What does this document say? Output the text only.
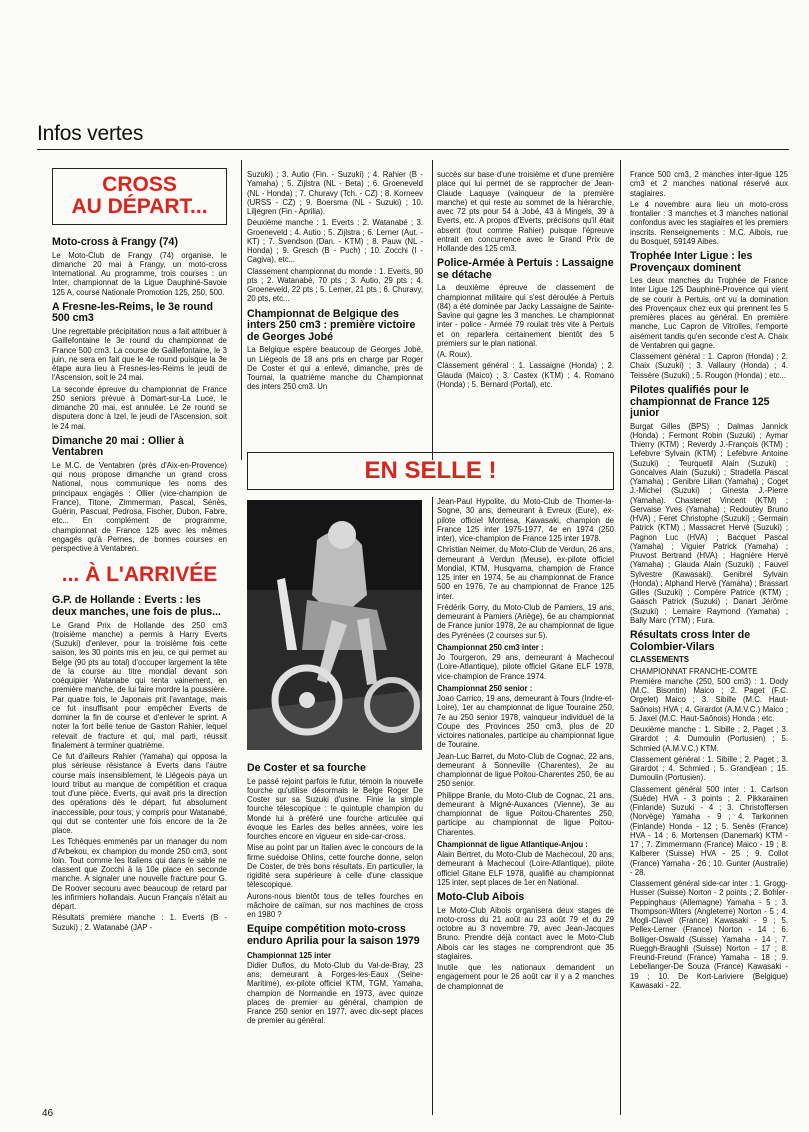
Infos vertes
CROSS
AU DÉPART...
Moto-cross à Frangy (74)

Le Moto-Club de Frangy (74) organise, le dimanche 20 mai à Frangy, un moto-cross International. Au programme, trois courses : un Inter, championnat de la Ligue Dauphiné-Savoie 125 A, course Nationale Promotion 125, 250, 500.

A Fresne-les-Reims, le 3e round 500 cm3

Une regrettable précipitation nous a fait attribuer à Gaillefontaine le 3e round du championnat de France 500 cm3. La course de Gaillefontaine, le 3 juin, ne sera en fait que le 4e round puisque la 3e étape aura lieu à Fresnes-les-Reims le jeudi de l'Ascension, soit le 24 mai.

La seconde épreuve du championnat de France 250 seniors prévue à Domart-sur-La Luce, le dimanche 20 mai, est annulée. Le 2e round se disputera donc à Izel, le jeudi de l'Ascension, soit le 24 mai.

Dimanche 20 mai : Ollier à Ventabren

Le M.C. de Ventabren (près d'Aix-en-Provence) qui nous propose dimanche un grand cross National, nous communique les noms des principaux engagés : Ollier (vice-champion de France), Titone, Zimmerman, Pascal, Sénès, Guérin, Pascual, Pedrosa, Fischer, Dubon, Fabre, etc... En complément de programme, championnat de France 125 avec les mêmes engagés qu'à Pernes, de bonnes courses en perspective à Ventabren.

... À L'ARRIVÉE
G.P. de Hollande : Everts : les deux manches, une fois de plus...

Le Grand Prix de Hollande des 250 cm3 (troisième manche) a permis à Harry Everts (Suzuki) d'enlever, pour la troisième fois cette saison, les 30 points mis en jeu, ce qui permet au Belge (90 pts au total) d'occuper largement la tête de la course au titre mondial devant son coéquipier Watanabe qui tenta vainement, en première manche, de lui faire mordre la poussière. Par quatre fois, le Japonais prit l'avantage, mais ce fut insuffisant pour empêcher Everts de dominer la fin de course et d'enlever le sprint. A noter la fort belle tenue de Gaston Rahier, lequel relevait de fracture et qui, mal parti, réussit finalement à terminer quatrième.

Ce fut d'ailleurs Rahier (Yamaha) qui opposa la plus sérieuse résistance à Everts dans l'autre course mais insensiblement, le Liégeois paya un lourd tribut au manque de compétition et craqua tout d'une pièce. Everts, qui avait pris la direction des opérations dès le départ, fut absolument inaccessible, pour tous, y compris pour Watanabé, qui dut se contenter une fois encore de la 2e place.

Les Tchèques emmenés par un manager du nom d'Arbekou, ex champion du monde 250 cm3, sont loin. Tout comme les Italiens qui dans le sable ne classent que Zocchi à la 10e place en seconde manche. A signaler une nouvelle fracture pour G. De Roover secouru avec beaucoup de retard par les infirmiers hollandais. Aucun Français n'était au départ.

Résultats première manche : 1. Everts (B - Suzuki) ; 2. Watanabé (JAP -

Suzuki) ; 3. Autio (Fin. - Suzuki) ; 4. Rahier (B - Yamaha) ; 5. Zijlstra (NL - Beta) ; 6. Groeneveld (NL - Honda) ; 7. Churavy (Tch. - CZ) ; 8. Korneev (URSS - CZ) ; 9. Boersma (NL - Suzuki) ; 10. Liljegren (Fin - Aprilia).

Deuxième manche : 1. Everts ; 2. Watanabé ; 3. Groeneveld ; 4. Autio ; 5. Zijlstra ; 6. Lerner (Aut. - KT) ; 7. Svendson (Dan. - KTM) ; 8. Pauw (NL - Honda) ; 9. Gresch (B - Puch) ; 10. Zocchi (I - Cagiva), etc...

Classement championnat du monde : 1. Everts, 90 pts ; 2. Watanabé, 70 pts ; 3. Autio, 29 pts ; 4. Groeneveld, 22 pts ; 5. Lerner, 21 pts ; 6. Churavy, 20 pts, etc...

Championnat de Belgique des inters 250 cm3 : première victoire de Georges Jobé

La Belgique espère beaucoup de Georges Jobé, un Liégeois de 18 ans pris en charge par Roger De Coster et qui a enlevé, dimanche, près de Tournai, la quatrième manche du Championnat des inters 250 cm3. Un

succès sur base d'une troisième et d'une première place qui lui permet de se rapprocher de Jean-Claude Laquaye (vainqueur de la première manche) et qui reste au sommet de la hiérarchie, avec 72 pts pour 54 à Jobé, 43 à Mingels, 39 à Everts, etc. A propos d'Everts, précisons qu'il était absent (tout comme Rahier) puisque l'épreuve entrait en concurrence avec le Grand Prix de Hollande des 125 cm3.

Police-Armée à Pertuis : Lassaigne se détache

La deuxième épreuve de classement de championnat militaire qui s'est déroulée à Pertuis (84) a été dominée par Jacky Lassaigne de Sainte-Savine qui gagne les 3 manches. Le championnat inter - police - Armée 79 roulait très vite à Pertuis et on reparlera certainement bientôt des 5 premiers sur le plan national.

(A. Roux).

Classement général : 1. Lassaigne (Honda) ; 2. Glauda (Maico) ; 3. Castex (KTM) ; 4. Romano (Honda) ; 5. Bernard (Portal), etc.

EN SELLE !
De Coster et sa fourche

Le passé rejoint parfois le futur, témoin la nouvelle fourche qu'utilise désormais le Belge Roger De Coster sur sa Suzuki d'usine. Finie la simple fourche télescopique : le quintuple champion du Monde lui à préféré une fourche articulée qui évoque les Earles des belles années, voire les fourches encore en vigueur en side-car-cross.

Mise au point par un Italien avec le concours de la firme suédoise Ohlins, cette fourche donne, selon De Coster, de très bons résultats. En particulier, la rigidité sera supérieure à celle d'une classique télescopique.

Aurons-nous bientôt tous de telles fourches en mâchoire de caïman, sur nos machines de cross en 1980 ?

Equipe compétition moto-cross enduro Aprilia pour la saison 1979
Championnat 125 inter

Didier Duflos, du Moto-Club du Val-de-Bray, 23 ans, demeurant à Forges-les-Eaux (Seine-Maritime), ex-pilote officiel KTM, TGM, Yamaha, champion de Normandie en 1973, avec quinze places de premier au général, champion de France 250 senior en 1977, avec dix-sept places de premier au général.

Jean-Paul Hypolite, du Moto-Club de Thomer-la-Sogne, 30 ans, demeurant à Evreux (Eure), ex-pilote officiel Montesa, Kawasaki, champion de France 125 inter 1975-1977, 4e en 1974 (250 inter), vice-champion de France 125 inter 1978.

Christian Neimer, du Moto-Club de Verdun, 26 ans, demeurant à Verdun (Meuse), ex-pilote officiel Mondial, KTM, Husqvarna, champion de France 125 inter en 1974, 5e au championnat de France 500 en 1976, 7e au championnat de France 125 inter.

Frédérik Gorry, du Moto-Club de Pamiers, 19 ans, demeurant à Pamiers (Ariège), 6e au championnat de France junior 1978, 2e au championnat de ligue des Pyrénées (2 courses sur 5).

Championnat 250 cm3 inter :

Jo Tourgeron, 29 ans, demeurant à Machecoul (Loire-Atlantique), pilote officiel Gitane ELF 1978, vice-champion de France 1974.

Championnat 250 senior :

Joao Carrico, 19 ans, demeurant à Tours (Indre-et-Loire), 1er au championnat de ligue Touraine 250, 7e au 250 senior 1978, vainqueur individuel de la Coupe des Provinces 250 cm3, plus de 20 victoires nationales, participe au championnat ligue de Touraine.

Jean-Luc Barret, du Moto-Club de Cognac, 22 ans, demeurant à Sonneville (Charentes), 2e au championnat de ligue Poitou-Charentes 250, 6e au 250 senior.

Philippe Branle, du Moto-Club de Cognac, 21 ans, demeurant à Migné-Auxances (Vienne), 3e au championnat de ligue Poitou-Charentes 250, participe au championnat de ligue Poitou-Charentes.

Championnat de ligue Atlantique-Anjou :

Alain Bertret, du Moto-Club de Machecoul, 20 ans, demeurant à Machecoul (Loire-Atlantique), pilote officiel Gitane ELF 1978, qualifié au championnat 125 inter, sept places de 1er en National.

Moto-Club Aibois

Le Moto-Club Aibois organisera deux stages de moto-cross du 21 août au 23 août 79 et du 29 octobre au 3 novembre 79, avec Jean-Jacques Bruno. Prendre déjà contact avec le Moto-Club Aibois car les stages ne comprendront que 35 stagiaires.

Inutile que les nationaux demandent un engagement pour le 26 août car il y a 2 manches de championnat de

France 500 cm3, 2 manches inter-ligue 125 cm3 et 2 manches national réservé aux stagiaires.

Le 4 novembre aura lieu un moto-cross frontalier : 3 manches et 3 manches national confondus avec les stagiaires et les premiers inscrits. Renseignements : M.C. Aibois, rue du Bosquet, 59149 Aibes.

Trophée Inter Ligue : les Provençaux dominent

Les deux manches du Trophée de France Inter Ligue 125 Dauphiné-Provence qui vient de se courir à Pertuis, ont vu la domination des Provençaux chez eux qui prennent les 5 premières places au général. En première manche, Luc Capron de Vitrolles, l'emporte aisément tandis qu'en seconde c'est A. Chaix de Ventabren qui gagne.

Classement général : 1. Capron (Honda) ; 2. Chaix (Suzuki) ; 3. Vallaury (Honda) ; 4. Teissère (Suzuki) ; 5. Rougon (Honda) ; etc...

Pilotes qualifiés pour le championnat de France 125 junior

Burgat Gilles (BPS) ; Dalmas Jannick (Honda) ; Fermont Robin (Suzuki) ; Aymar Thierry (KTM) ; Reverdy J.-François (KTM) ; Lefebvre Sylvain (KTM) ; Lefebvre Antoine (Suzuki) ; Teurquetil Alain (Suzuki) ; Goncalves Alain (Suzuki) ; Stradella Pascal (Yamaha) ; Genibre Lilian (Yamaha) ; Coget J.-Michel (Suzuki) ; Ginesta J.-Pierre (Yamaha). Chastenet Vincent (KTM) ; Gervaise Yves (Yamaha) ; Redoutey Bruno (HVA) ; Feret Christophe (Suzuki) ; Germain Patrick (KTM) ; Massacret Hervé (Suzuki) ; Pagnon Luc (HVA) ; Bacquet Pascal (Yamaha) ; Viguier Patrick (Yamaha) ; Pruvost Bertrand (HVA) ; Hagnière Hervé (Yamaha) ; Glauda Alain (Suzuki) ; Fauvel Sylvestre (Kawasaki). Genibrel Sylvain (Honda) ; Alphand Hervé (Yamaha) ; Brassart Gilles (Suzuki) ; Compère Patrice (KTM) ; Gaasch Patrick (Suzuki) ; Danart Jérôme (Suzuki) ; Lemaire Raymond (Yamaha) ; Bally Marc (YTM) ; Fura.

Résultats cross Inter de Colombier-Vilars
CLASSEMENTS
CHAMPIONNAT FRANCHE-COMTE

Première manche (250, 500 cm3) : 1. Dody (M.C. Bisontin) Maico ; 2. Paget (F.C. Orgelet) Maico ; 3. Sibille (M.C. Haut-Saônois) HVA ; 4. Girardot (A.M.V.C.) Maico ; 5. Jaxel (M.C. Haut-Saônois) Honda ; etc.

Deuxième manche : 1. Sibille ; 2. Paget ; 3. Girardot ; 4. Dumoulin (Portusien) ; 5. Schmied (A.M.V.C.) KTM.

Classement général : 1. Sibille ; 2. Paget ; 3. Girardot ; 4. Schmied ; 5. Grandjean ; 15. Dumoulin (Portusien).

Classement général 500 inter : 1. Carlson (Suède) HVA - 3 points ; 2. Pikkarainen (Finlande) Suzuki - 4 ; 3. Christoffersen (Norvège) Yamaha - 9 ; 4. Tarkonnen (Finlande) Honda - 12 ; 5. Senès (France) HVA - 14 ; 6. Mortensen (Danemark) KTM - 17 ; 7. Zimmermann (France) Maico - 19 ; 8. Kalberer (Suisse) HVA - 25 ; 9. Collot (France) Yamaha - 26 ; 10. Gunter (Australie) - 28.

Classement général side-car inter : 1. Grogg-Husser (Suisse) Norton - 2 points ; 2. Bohler-Peppinghaus (Allemagne) Yamaha - 5 ; 3. Thompson-Witers (Angleterre) Norton - 5 ; 4. Mogli-Clavel (France) Kawasaki - 9 ; 5. Pellex-Lerner (France) Norton - 14 ; 6. Bolliger-Oswald (Suisse) Yamaha - 14 ; 7. Rueggh-Braughli (Suisse) Norton - 17 ; 8. Freund-Freund (France) Yamaha - 18 ; 9. Lebellanger-De Souza (France) Kawasaki - 19 ; 10. De Kort-Lariviere (Belgique) Kawasaki - 22.

46
